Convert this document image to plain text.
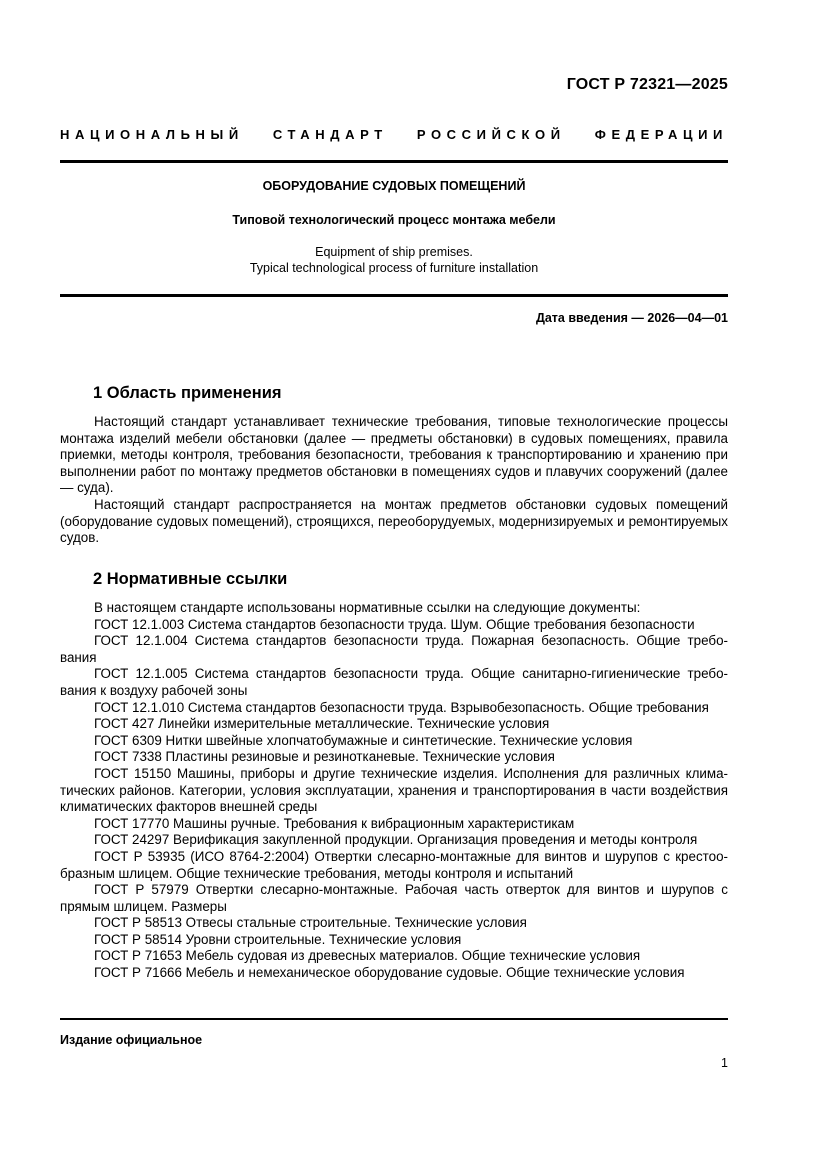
ГОСТ Р 72321—2025
НАЦИОНАЛЬНЫЙ СТАНДАРТ РОССИЙСКОЙ ФЕДЕРАЦИИ
ОБОРУДОВАНИЕ СУДОВЫХ ПОМЕЩЕНИЙ
Типовой технологический процесс монтажа мебели
Equipment of ship premises.
Typical technological process of furniture installation
Дата введения — 2026—04—01
1 Область применения

Настоящий стандарт устанавливает технические требования, типовые технологические процессы монтажа изделий мебели обстановки (далее — предметы обстановки) в судовых помещениях, правила приемки, методы контроля, требования безопасности, требования к транспортированию и хранению при выполнении работ по монтажу предметов обстановки в помещениях судов и плавучих сооружений (далее — суда).

Настоящий стандарт распространяется на монтаж предметов обстановки судовых помещений (оборудование судовых помещений), строящихся, переоборудуемых, модернизируемых и ремонтируемых судов.

2 Нормативные ссылки

В настоящем стандарте использованы нормативные ссылки на следующие документы:

ГОСТ 12.1.003 Система стандартов безопасности труда. Шум. Общие требования безопасности

ГОСТ 12.1.004 Система стандартов безопасности труда. Пожарная безопасность. Общие требования

ГОСТ 12.1.005 Система стандартов безопасности труда. Общие санитарно-гигиенические требования к воздуху рабочей зоны

ГОСТ 12.1.010 Система стандартов безопасности труда. Взрывобезопасность. Общие требования

ГОСТ 427 Линейки измерительные металлические. Технические условия

ГОСТ 6309 Нитки швейные хлопчатобумажные и синтетические. Технические условия

ГОСТ 7338 Пластины резиновые и резинотканевые. Технические условия

ГОСТ 15150 Машины, приборы и другие технические изделия. Исполнения для различных климатических районов. Категории, условия эксплуатации, хранения и транспортирования в части воздействия климатических факторов внешней среды

ГОСТ 17770 Машины ручные. Требования к вибрационным характеристикам

ГОСТ 24297 Верификация закупленной продукции. Организация проведения и методы контроля

ГОСТ Р 53935 (ИСО 8764-2:2004) Отвертки слесарно-монтажные для винтов и шурупов с крестообразным шлицем. Общие технические требования, методы контроля и испытаний

ГОСТ Р 57979 Отвертки слесарно-монтажные. Рабочая часть отверток для винтов и шурупов с прямым шлицем. Размеры

ГОСТ Р 58513 Отвесы стальные строительные. Технические условия

ГОСТ Р 58514 Уровни строительные. Технические условия

ГОСТ Р 71653 Мебель судовая из древесных материалов. Общие технические условия

ГОСТ Р 71666 Мебель и немеханическое оборудование судовые. Общие технические условия

Издание официальное
1
